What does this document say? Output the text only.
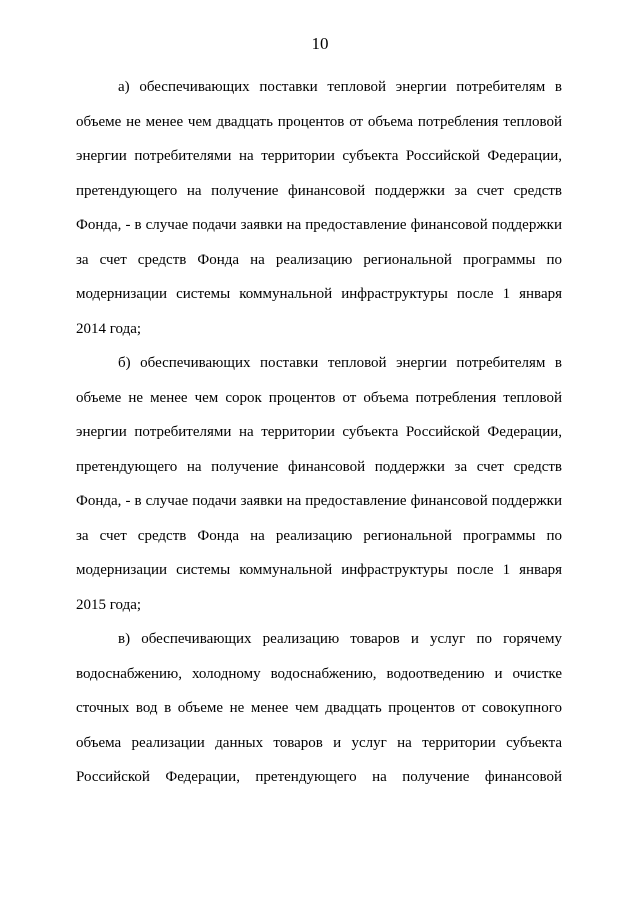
10
а) обеспечивающих поставки тепловой энергии потребителям в
объеме не менее чем двадцать процентов от объема потребления тепловой
энергии потребителями на территории субъекта Российской Федерации,
претендующего на получение финансовой поддержки за счет средств
Фонда, - в случае подачи заявки на предоставление финансовой поддержки
за счет средств Фонда на реализацию региональной программы по
модернизации системы коммунальной инфраструктуры после 1 января
2014 года;
б) обеспечивающих поставки тепловой энергии потребителям в
объеме не менее чем сорок процентов от объема потребления тепловой
энергии потребителями на территории субъекта Российской Федерации,
претендующего на получение финансовой поддержки за счет средств
Фонда, - в случае подачи заявки на предоставление финансовой поддержки
за счет средств Фонда на реализацию региональной программы по
модернизации системы коммунальной инфраструктуры после 1 января
2015 года;
в) обеспечивающих реализацию товаров и услуг по горячему
водоснабжению, холодному водоснабжению, водоотведению и очистке
сточных вод в объеме не менее чем двадцать процентов от совокупного
объема реализации данных товаров и услуг на территории субъекта
Российской Федерации, претендующего на получение финансовой
